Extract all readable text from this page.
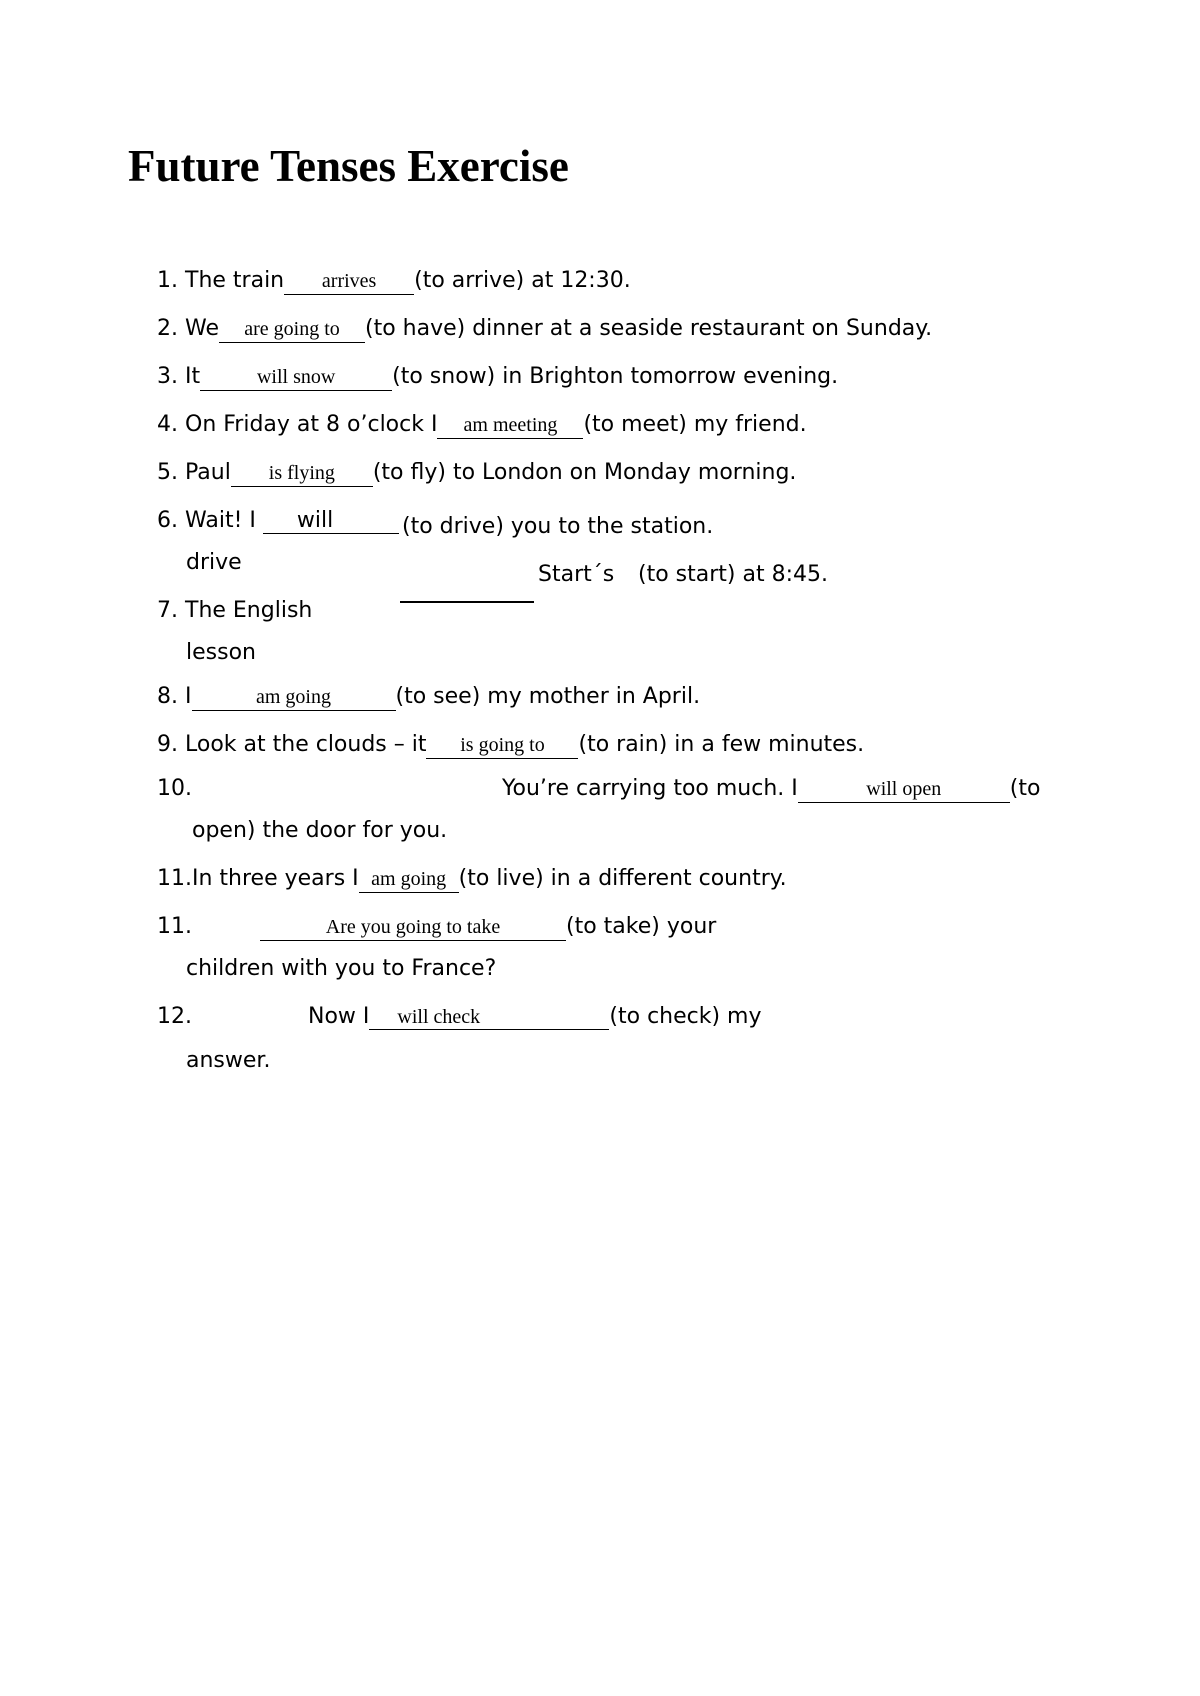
Future Tenses Exercise
1. The train arrives (to arrive) at 12:30.
2. We are going to (to have) dinner at a seaside restaurant on Sunday.
3. It	will snow	(to snow) in Brighton tomorrow evening.
4. On Friday at 8 o’clock I am meeting (to meet) my friend.
5. Paul is flying (to fly) to London on Monday morning.
6. Wait! I will	(to drive) you to the station.
drive	Start´s (to start) at 8:45.
7. The English
lesson
8. I	am going	(to see) my mother in April.
9. Look at the clouds – it is going to (to rain) in a few minutes.
10.	You’re carrying too much. I	will open	(to
open) the door for you.
11.In three years I am going (to live) in a different country.
11.	Are you going to take	(to take) your
children with you to France?
12.	Now I will check	(to check) my
answer.
